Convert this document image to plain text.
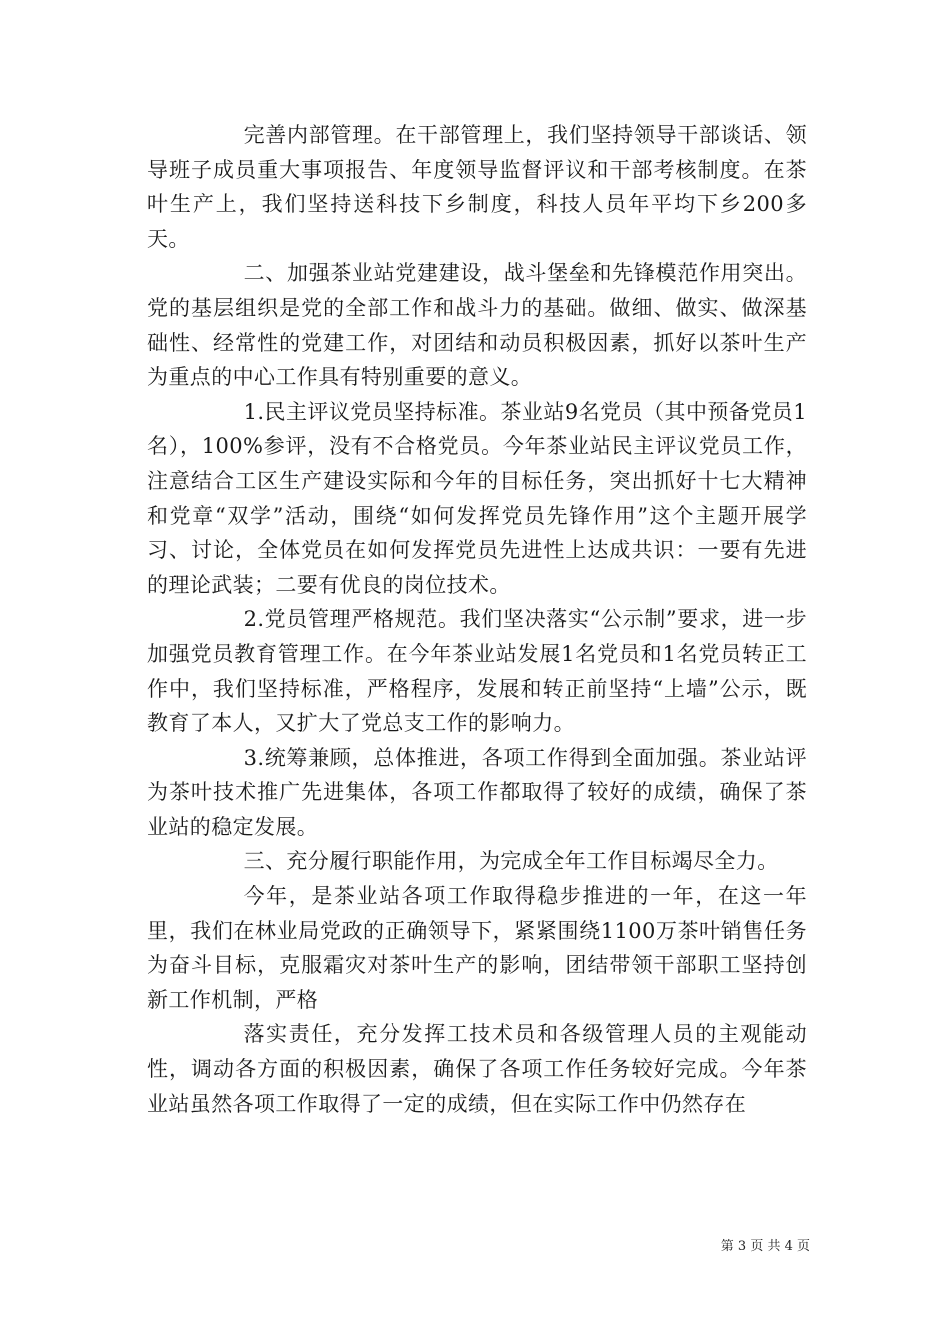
完善内部管理。在干部管理上，我们坚持领导干部谈话、领导班子成员重大事项报告、年度领导监督评议和干部考核制度。在茶叶生产上，我们坚持送科技下乡制度，科技人员年平均下乡200多天。

二、加强茶业站党建建设，战斗堡垒和先锋模范作用突出。党的基层组织是党的全部工作和战斗力的基础。做细、做实、做深基础性、经常性的党建工作，对团结和动员积极因素，抓好以茶叶生产为重点的中心工作具有特别重要的意义。

1.民主评议党员坚持标准。茶业站9名党员（其中预备党员1名），100%参评，没有不合格党员。今年茶业站民主评议党员工作，注意结合工区生产建设实际和今年的目标任务，突出抓好十七大精神和党章“双学”活动，围绕“如何发挥党员先锋作用”这个主题开展学习、讨论，全体党员在如何发挥党员先进性上达成共识：一要有先进的理论武装；二要有优良的岗位技术。

2.党员管理严格规范。我们坚决落实“公示制”要求，进一步加强党员教育管理工作。在今年茶业站发展1名党员和1名党员转正工作中，我们坚持标准，严格程序，发展和转正前坚持“上墙”公示，既教育了本人，又扩大了党总支工作的影响力。

3.统筹兼顾，总体推进，各项工作得到全面加强。茶业站评为茶叶技术推广先进集体，各项工作都取得了较好的成绩，确保了茶业站的稳定发展。

三、充分履行职能作用，为完成全年工作目标竭尽全力。

今年，是茶业站各项工作取得稳步推进的一年，在这一年里，我们在林业局党政的正确领导下，紧紧围绕1100万茶叶销售任务为奋斗目标，克服霜灾对茶叶生产的影响，团结带领干部职工坚持创新工作机制，严格

落实责任，充分发挥工技术员和各级管理人员的主观能动性，调动各方面的积极因素，确保了各项工作任务较好完成。今年茶业站虽然各项工作取得了一定的成绩，但在实际工作中仍然存在

第 3 页 共 4 页
